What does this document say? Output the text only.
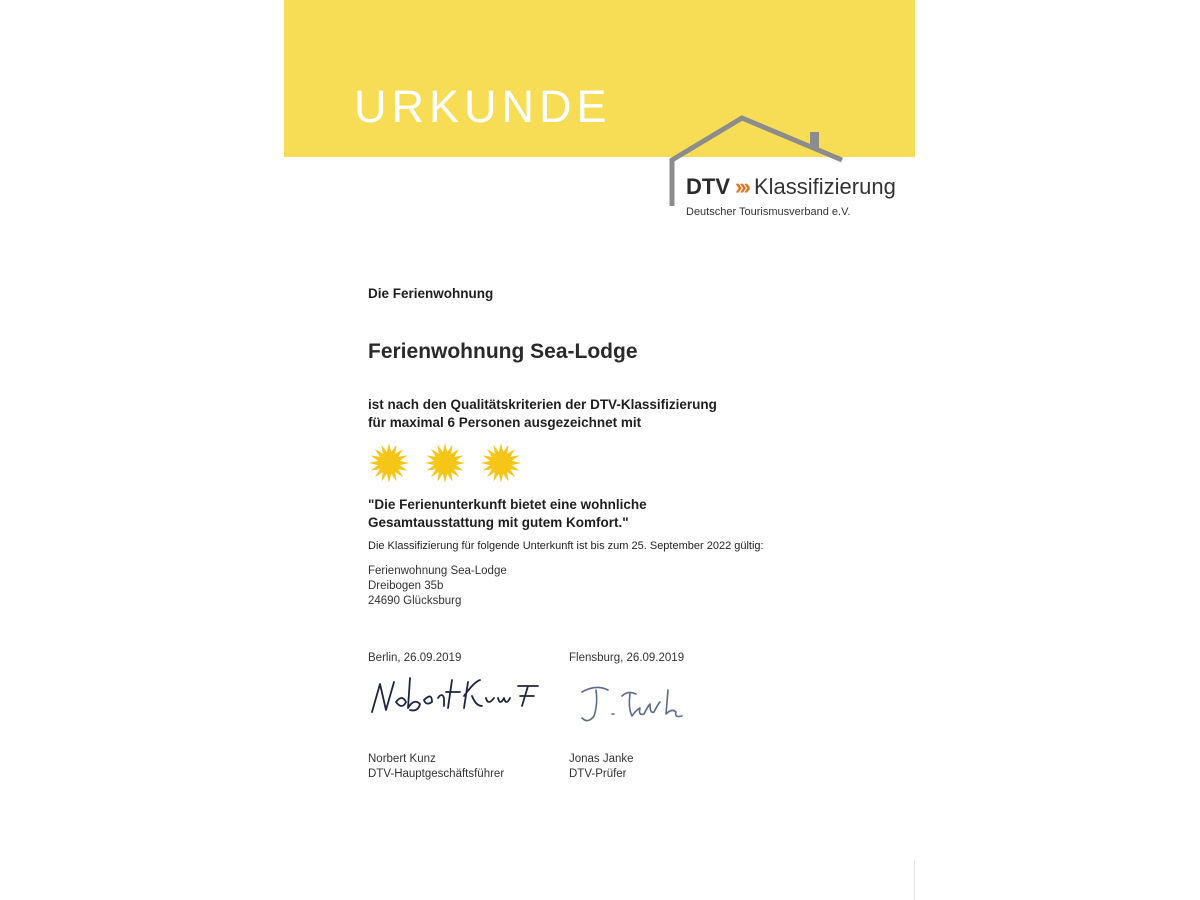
URKUNDE
DTV ››› Klassifizierung
Deutscher Tourismusverband e.V.
Die Ferienwohnung
Ferienwohnung Sea-Lodge
ist nach den Qualitätskriterien der DTV-Klassifizierung
für maximal 6 Personen ausgezeichnet mit
"Die Ferienunterkunft bietet eine wohnliche
Gesamtausstattung mit gutem Komfort."
Die Klassifizierung für folgende Unterkunft ist bis zum 25. September 2022 gültig:
Ferienwohnung Sea-Lodge
Dreibogen 35b
24690 Glücksburg
Berlin, 26.09.2019	Flensburg, 26.09.2019
Norbert Kunz
DTV-Hauptgeschäftsführer
Jonas Janke
DTV-Prüfer
